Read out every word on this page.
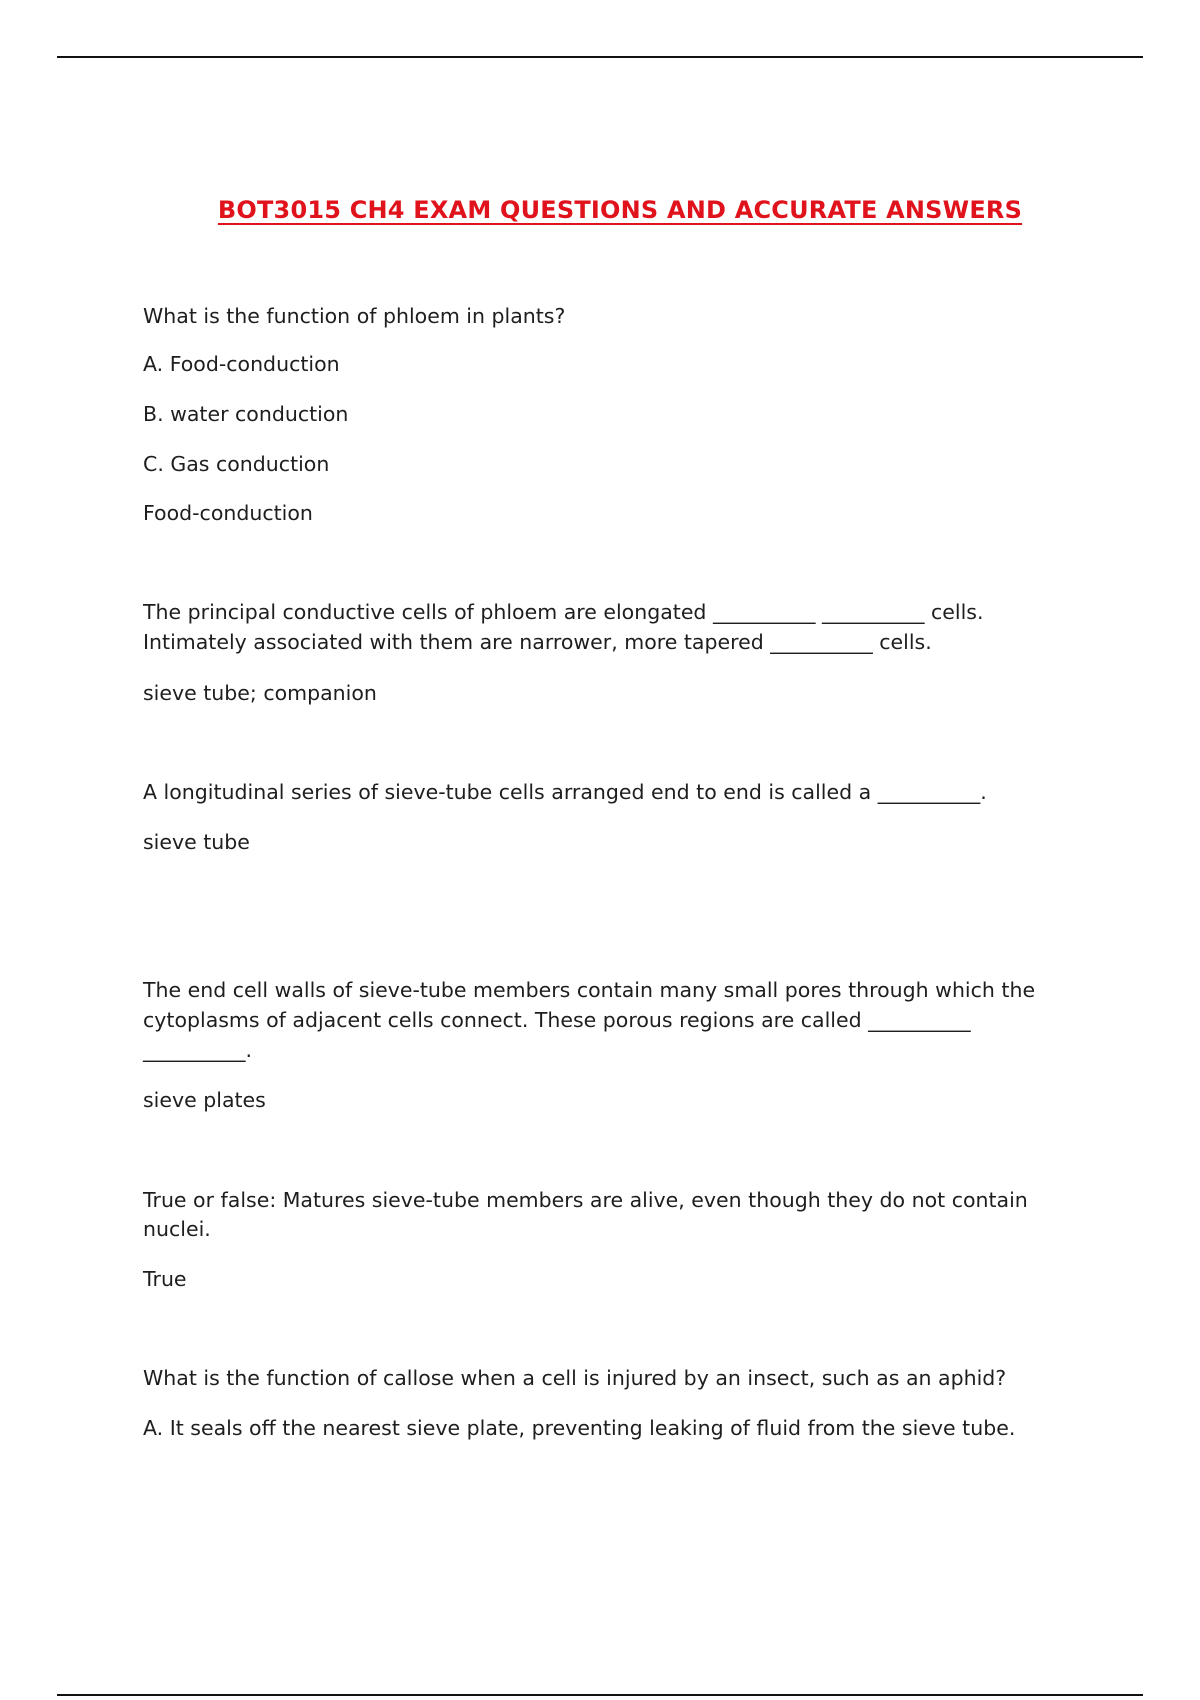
BOT3015 CH4 EXAM QUESTIONS AND ACCURATE ANSWERS
What is the function of phloem in plants?
A. Food-conduction
B. water conduction
C. Gas conduction
Food-conduction
The principal conductive cells of phloem are elongated __________ __________ cells.
Intimately associated with them are narrower, more tapered __________ cells.
sieve tube; companion
A longitudinal series of sieve-tube cells arranged end to end is called a __________.
sieve tube
The end cell walls of sieve-tube members contain many small pores through which the
cytoplasms of adjacent cells connect. These porous regions are called __________
__________.
sieve plates
True or false: Matures sieve-tube members are alive, even though they do not contain
nuclei.
True
What is the function of callose when a cell is injured by an insect, such as an aphid?
A. It seals off the nearest sieve plate, preventing leaking of fluid from the sieve tube.
